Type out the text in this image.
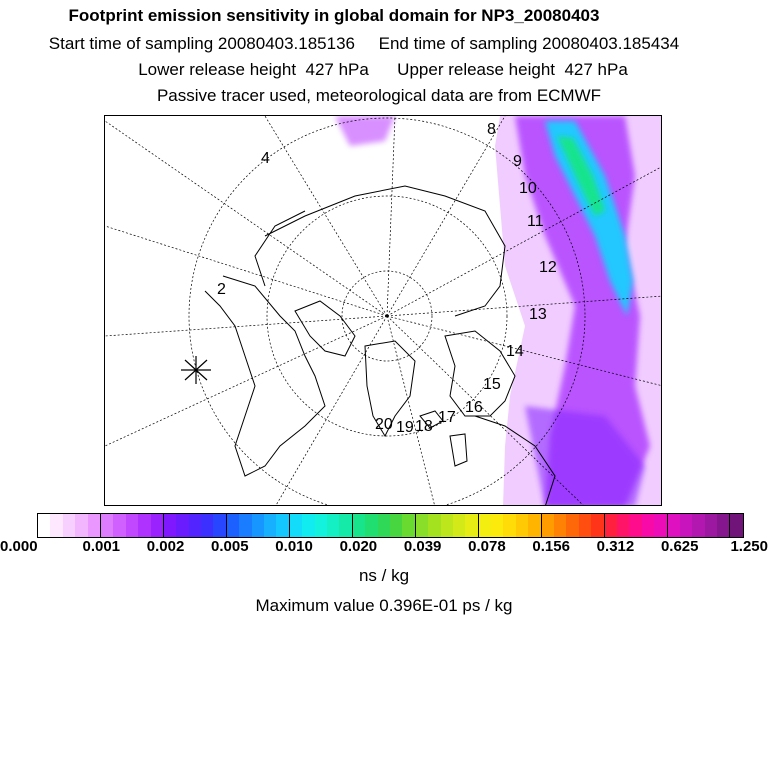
Footprint emission sensitivity in global domain for NP3_20080403
Start time of sampling 20080403.185136 End time of sampling 20080403.185434
Lower release height  427 hPa Upper release height  427 hPa
Passive tracer used, meteorological data are from ECMWF
2
4
8
9
10
11
12
13
14
15
16
17
18
19
20
0.000	0.001 0.002 0.005 0.010 0.020 0.039 0.078 0.156 0.312 0.625 1.250
ns / kg
Maximum value 0.396E-01 ps / kg
